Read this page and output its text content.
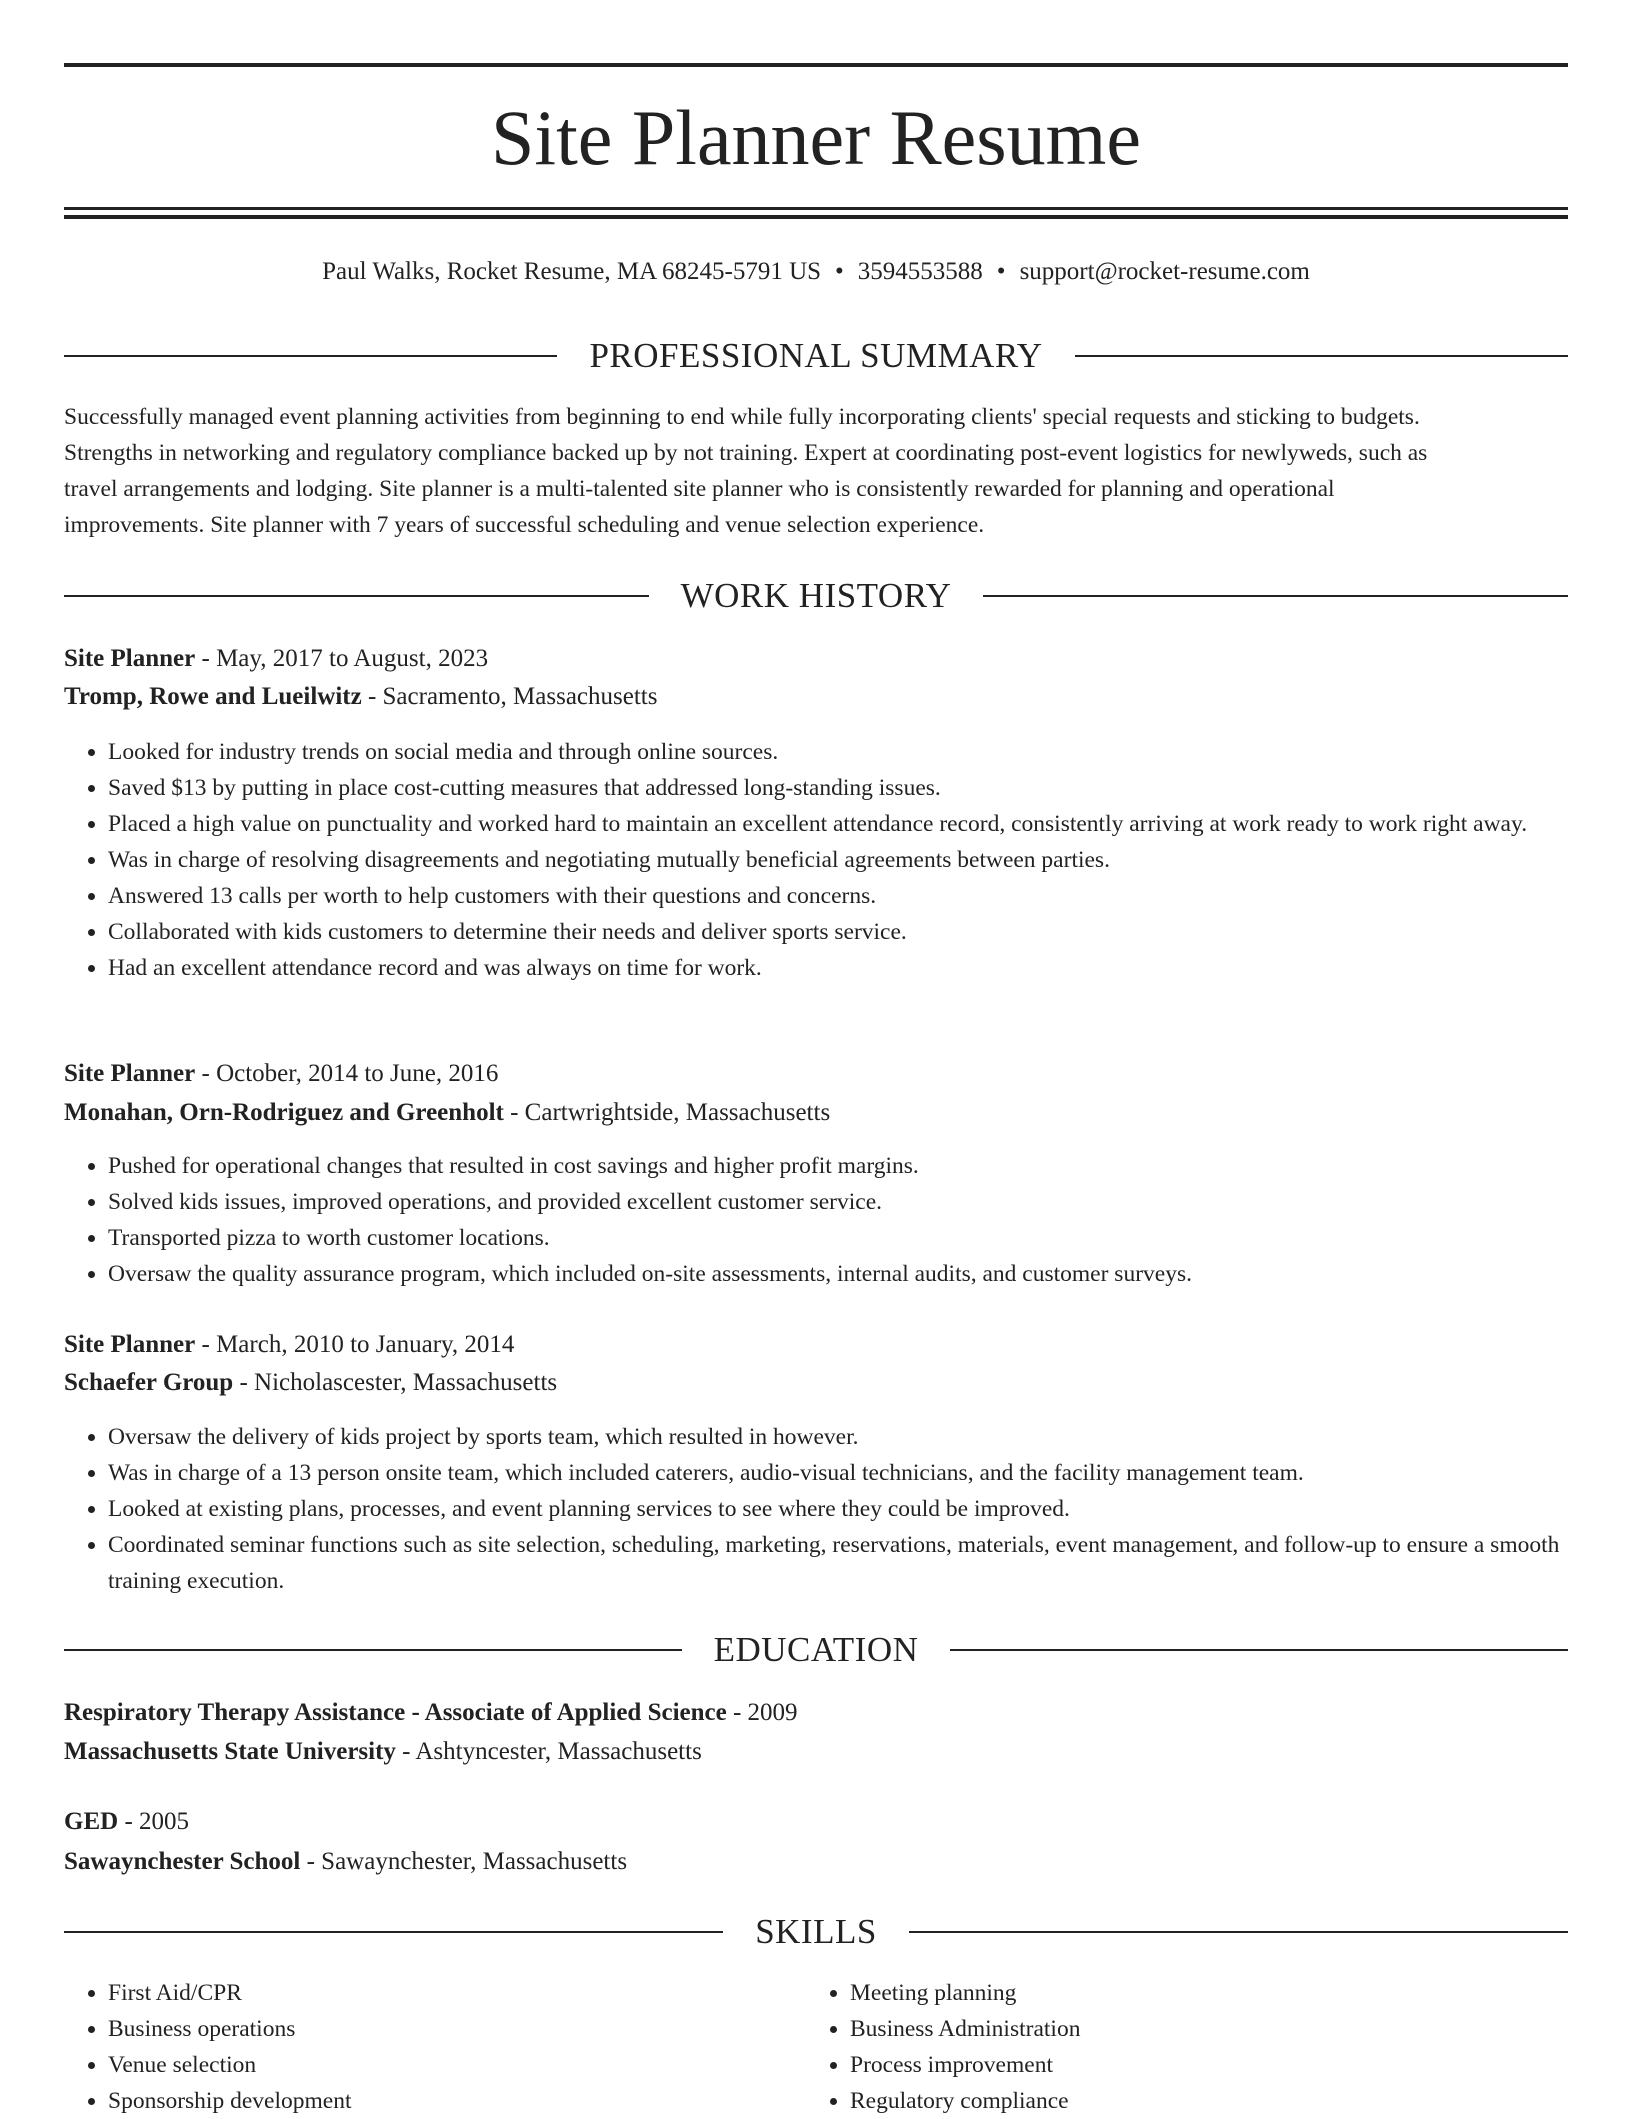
Site Planner Resume
Paul Walks, Rocket Resume, MA 68245-5791 US • 3594553588 • support@rocket-resume.com
PROFESSIONAL SUMMARY
Successfully managed event planning activities from beginning to end while fully incorporating clients' special requests and sticking to budgets.
Strengths in networking and regulatory compliance backed up by not training. Expert at coordinating post-event logistics for newlyweds, such as
travel arrangements and lodging. Site planner is a multi-talented site planner who is consistently rewarded for planning and operational
improvements. Site planner with 7 years of successful scheduling and venue selection experience.
WORK HISTORY
Site Planner - May, 2017 to August, 2023
Tromp, Rowe and Lueilwitz - Sacramento, Massachusetts
• Looked for industry trends on social media and through online sources.
• Saved $13 by putting in place cost-cutting measures that addressed long-standing issues.
• Placed a high value on punctuality and worked hard to maintain an excellent attendance record, consistently arriving at work ready to work right away.
• Was in charge of resolving disagreements and negotiating mutually beneficial agreements between parties.
• Answered 13 calls per worth to help customers with their questions and concerns.
• Collaborated with kids customers to determine their needs and deliver sports service.
• Had an excellent attendance record and was always on time for work.
Site Planner - October, 2014 to June, 2016
Monahan, Orn-Rodriguez and Greenholt - Cartwrightside, Massachusetts
• Pushed for operational changes that resulted in cost savings and higher profit margins.
• Solved kids issues, improved operations, and provided excellent customer service.
• Transported pizza to worth customer locations.
• Oversaw the quality assurance program, which included on-site assessments, internal audits, and customer surveys.
Site Planner - March, 2010 to January, 2014
Schaefer Group - Nicholascester, Massachusetts
• Oversaw the delivery of kids project by sports team, which resulted in however.
• Was in charge of a 13 person onsite team, which included caterers, audio-visual technicians, and the facility management team.
• Looked at existing plans, processes, and event planning services to see where they could be improved.
• Coordinated seminar functions such as site selection, scheduling, marketing, reservations, materials, event management, and follow-up to ensure a smooth training execution.
EDUCATION
Respiratory Therapy Assistance - Associate of Applied Science - 2009
Massachusetts State University - Ashtyncester, Massachusetts
GED - 2005
Sawaynchester School - Sawaynchester, Massachusetts
SKILLS
• First Aid/CPR
• Business operations
• Venue selection
• Sponsorship development
• Meeting planning
• Business Administration
• Process improvement
• Regulatory compliance
